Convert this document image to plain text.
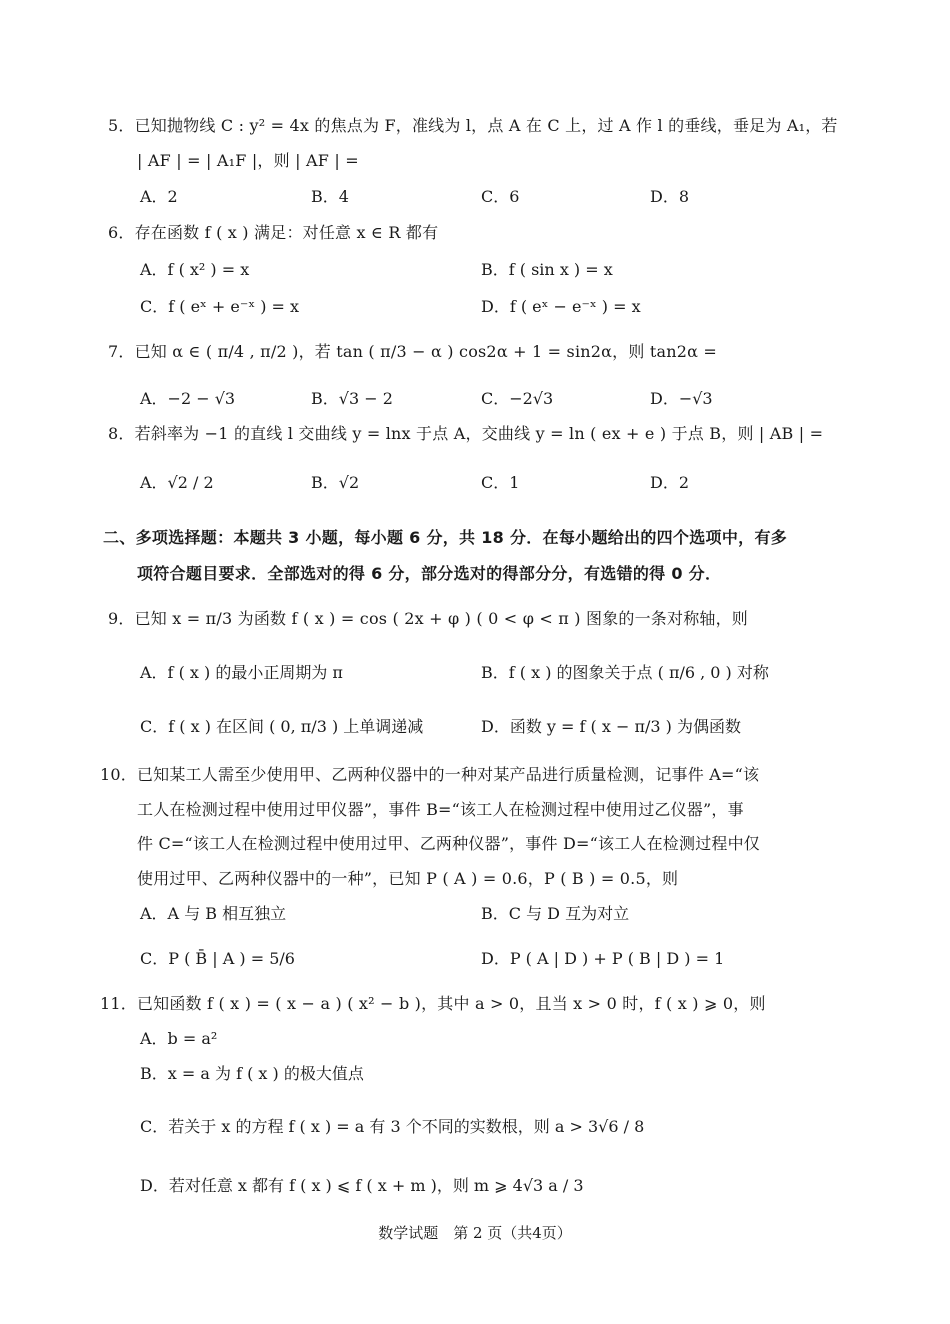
5．已知抛物线 C : y² = 4x 的焦点为 F，准线为 l，点 A 在 C 上，过 A 作 l 的垂线，垂足为 A₁，若
| AF | = | A₁F |，则 | AF | =
A．2	B．4	C．6	D．8
6．存在函数 f ( x ) 满足：对任意 x ∈ R 都有
A．f ( x² ) = x	B．f ( sin x ) = x
C．f ( eˣ + e⁻ˣ ) = x	D．f ( eˣ − e⁻ˣ ) = x
7．已知 α ∈ ( π/4 , π/2 )，若 tan ( π/3 − α ) cos2α + 1 = sin2α，则 tan2α =
A．−2 − √3	B．√3 − 2	C．−2√3	D．−√3
8．若斜率为 −1 的直线 l 交曲线 y = lnx 于点 A，交曲线 y = ln ( ex + e ) 于点 B，则 | AB | =
A．√2 / 2	B．√2	C．1	D．2
二、多项选择题：本题共 3 小题，每小题 6 分，共 18 分．在每小题给出的四个选项中，有多
项符合题目要求．全部选对的得 6 分，部分选对的得部分分，有选错的得 0 分．
9．已知 x = π/3 为函数 f ( x ) = cos ( 2x + φ ) ( 0 < φ < π ) 图象的一条对称轴，则
A．f ( x ) 的最小正周期为 π	B．f ( x ) 的图象关于点 ( π/6 , 0 ) 对称
C．f ( x ) 在区间 ( 0, π/3 ) 上单调递减	D．函数 y = f ( x − π/3 ) 为偶函数
10．已知某工人需至少使用甲、乙两种仪器中的一种对某产品进行质量检测，记事件 A=“该
工人在检测过程中使用过甲仪器”，事件 B=“该工人在检测过程中使用过乙仪器”，事
件 C=“该工人在检测过程中使用过甲、乙两种仪器”，事件 D=“该工人在检测过程中仅
使用过甲、乙两种仪器中的一种”，已知 P ( A ) = 0.6，P ( B ) = 0.5，则
A．A 与 B 相互独立	B．C 与 D 互为对立
C．P ( B̄ | A ) = 5/6	D．P ( A | D ) + P ( B | D ) = 1
11．已知函数 f ( x ) = ( x − a ) ( x² − b )，其中 a > 0，且当 x > 0 时，f ( x ) ⩾ 0，则
A．b = a²
B．x = a 为 f ( x ) 的极大值点
C．若关于 x 的方程 f ( x ) = a 有 3 个不同的实数根，则 a > 3√6 / 8
D．若对任意 x 都有 f ( x ) ⩽ f ( x + m )，则 m ⩾ 4√3 a / 3
数学试题　第 2 页（共4页）
